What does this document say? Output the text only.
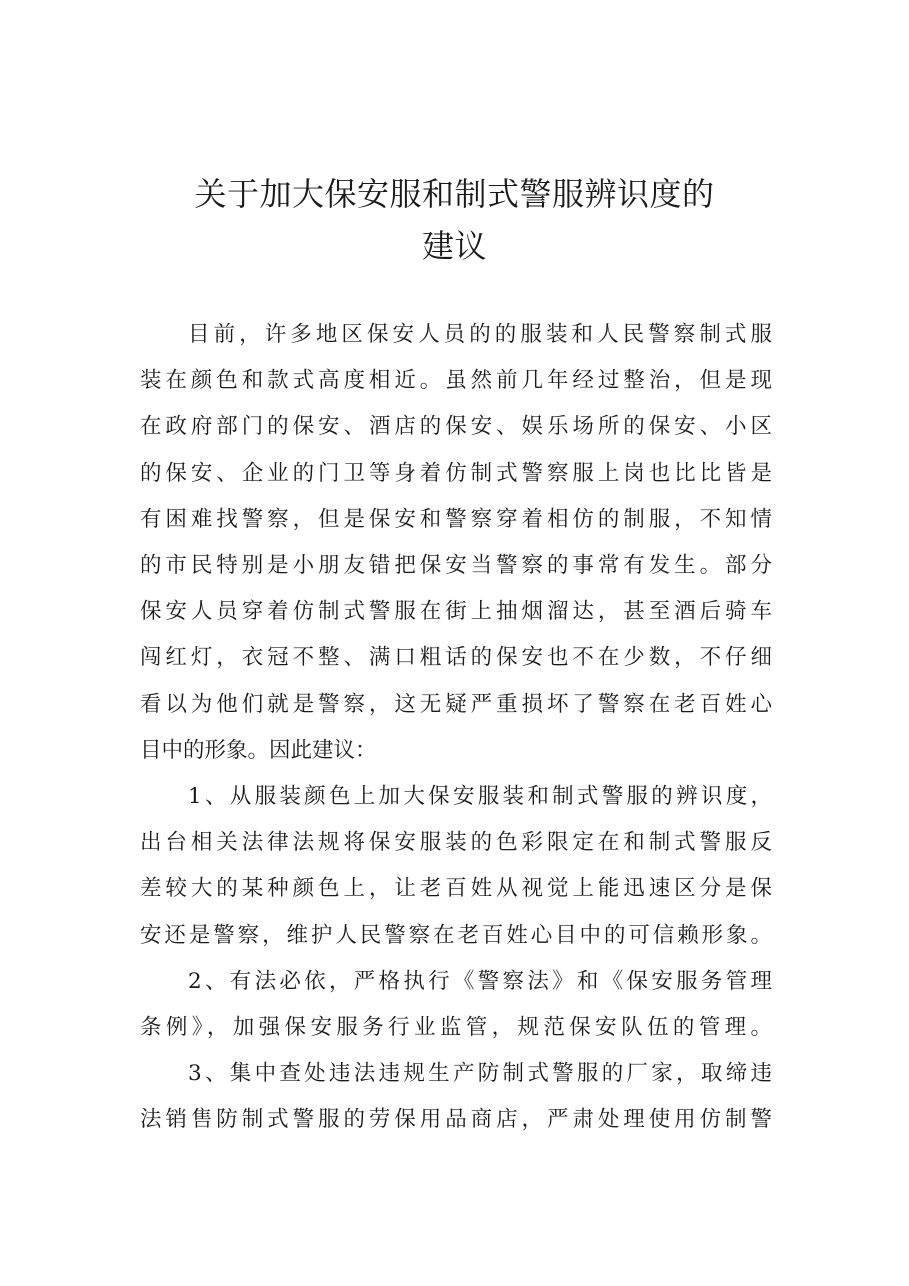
关于加大保安服和制式警服辨识度的
建议
目前，许多地区保安人员的的服装和人民警察制式服
装在颜色和款式高度相近。虽然前几年经过整治，但是现
在政府部门的保安、酒店的保安、娱乐场所的保安、小区
的保安、企业的门卫等身着仿制式警察服上岗也比比皆是
有困难找警察，但是保安和警察穿着相仿的制服，不知情
的市民特别是小朋友错把保安当警察的事常有发生。部分
保安人员穿着仿制式警服在街上抽烟溜达，甚至酒后骑车
闯红灯，衣冠不整、满口粗话的保安也不在少数，不仔细
看以为他们就是警察，这无疑严重损坏了警察在老百姓心
目中的形象。因此建议：
1、从服装颜色上加大保安服装和制式警服的辨识度，
出台相关法律法规将保安服装的色彩限定在和制式警服反
差较大的某种颜色上，让老百姓从视觉上能迅速区分是保
安还是警察，维护人民警察在老百姓心目中的可信赖形象。
2、有法必依，严格执行《警察法》和《保安服务管理
条例》，加强保安服务行业监管，规范保安队伍的管理。
3、集中查处违法违规生产防制式警服的厂家，取缔违
法销售防制式警服的劳保用品商店，严肃处理使用仿制警
